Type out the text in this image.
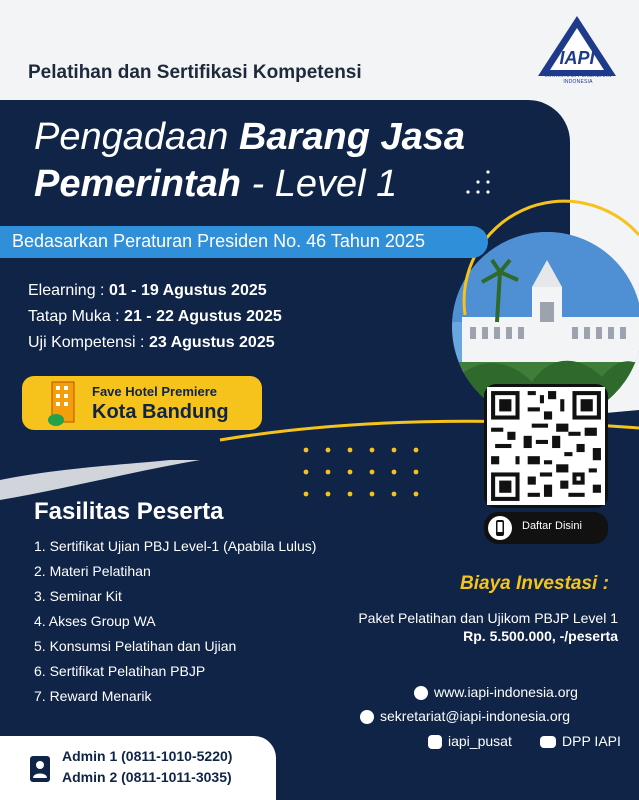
Pelatihan dan Sertifikasi Kompetensi
IAPI
IKATAN AHLI PENGADAAN INDONESIA
Pengadaan Barang Jasa
Pemerintah - Level 1
Bedasarkan Peraturan Presiden No. 46 Tahun 2025
Elearning : 01 - 19 Agustus 2025
Tatap Muka : 21 - 22 Agustus 2025
Uji Kompetensi : 23 Agustus 2025
Fave Hotel Premiere
Kota Bandung
Daftar Disini
Fasilitas Peserta
1. Sertifikat Ujian PBJ Level-1 (Apabila Lulus)
2. Materi Pelatihan
3. Seminar Kit
4. Akses Group WA
5. Konsumsi Pelatihan dan Ujian
6. Sertifikat Pelatihan PBJP
7. Reward Menarik
Biaya Investasi :
Paket Pelatihan dan Ujikom PBJP Level 1
Rp. 5.500.000, -/peserta
www.iapi-indonesia.org
sekretariat@iapi-indonesia.org
iapi_pusat	DPP IAPI
Admin 1 (0811-1010-5220)
Admin 2 (0811-1011-3035)
